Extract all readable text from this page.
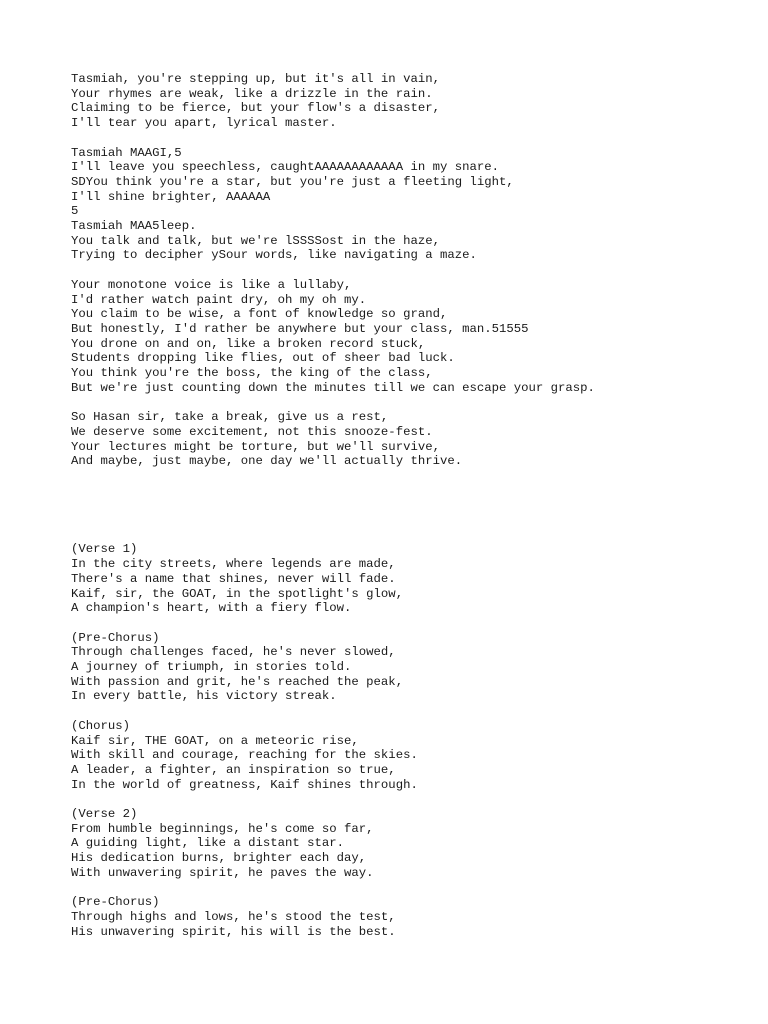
Tasmiah, you're stepping up, but it's all in vain,
Your rhymes are weak, like a drizzle in the rain.
Claiming to be fierce, but your flow's a disaster,
I'll tear you apart, lyrical master.
Tasmiah MAAGI,5
I'll leave you speechless, caughtAAAAAAAAAAAA in my snare.
SDYou think you're a star, but you're just a fleeting light,
I'll shine brighter, AAAAAA
5
Tasmiah MAA5leep.
You talk and talk, but we're lSSSSost in the haze,
Trying to decipher ySour words, like navigating a maze.
Your monotone voice is like a lullaby,
I'd rather watch paint dry, oh my oh my.
You claim to be wise, a font of knowledge so grand,
But honestly, I'd rather be anywhere but your class, man.51555
You drone on and on, like a broken record stuck,
Students dropping like flies, out of sheer bad luck.
You think you're the boss, the king of the class,
But we're just counting down the minutes till we can escape your grasp.
So Hasan sir, take a break, give us a rest,
We deserve some excitement, not this snooze-fest.
Your lectures might be torture, but we'll survive,
And maybe, just maybe, one day we'll actually thrive.
(Verse 1)
In the city streets, where legends are made,
There's a name that shines, never will fade.
Kaif, sir, the GOAT, in the spotlight's glow,
A champion's heart, with a fiery flow.
(Pre-Chorus)
Through challenges faced, he's never slowed,
A journey of triumph, in stories told.
With passion and grit, he's reached the peak,
In every battle, his victory streak.
(Chorus)
Kaif sir, THE GOAT, on a meteoric rise,
With skill and courage, reaching for the skies.
A leader, a fighter, an inspiration so true,
In the world of greatness, Kaif shines through.
(Verse 2)
From humble beginnings, he's come so far,
A guiding light, like a distant star.
His dedication burns, brighter each day,
With unwavering spirit, he paves the way.
(Pre-Chorus)
Through highs and lows, he's stood the test,
His unwavering spirit, his will is the best.
